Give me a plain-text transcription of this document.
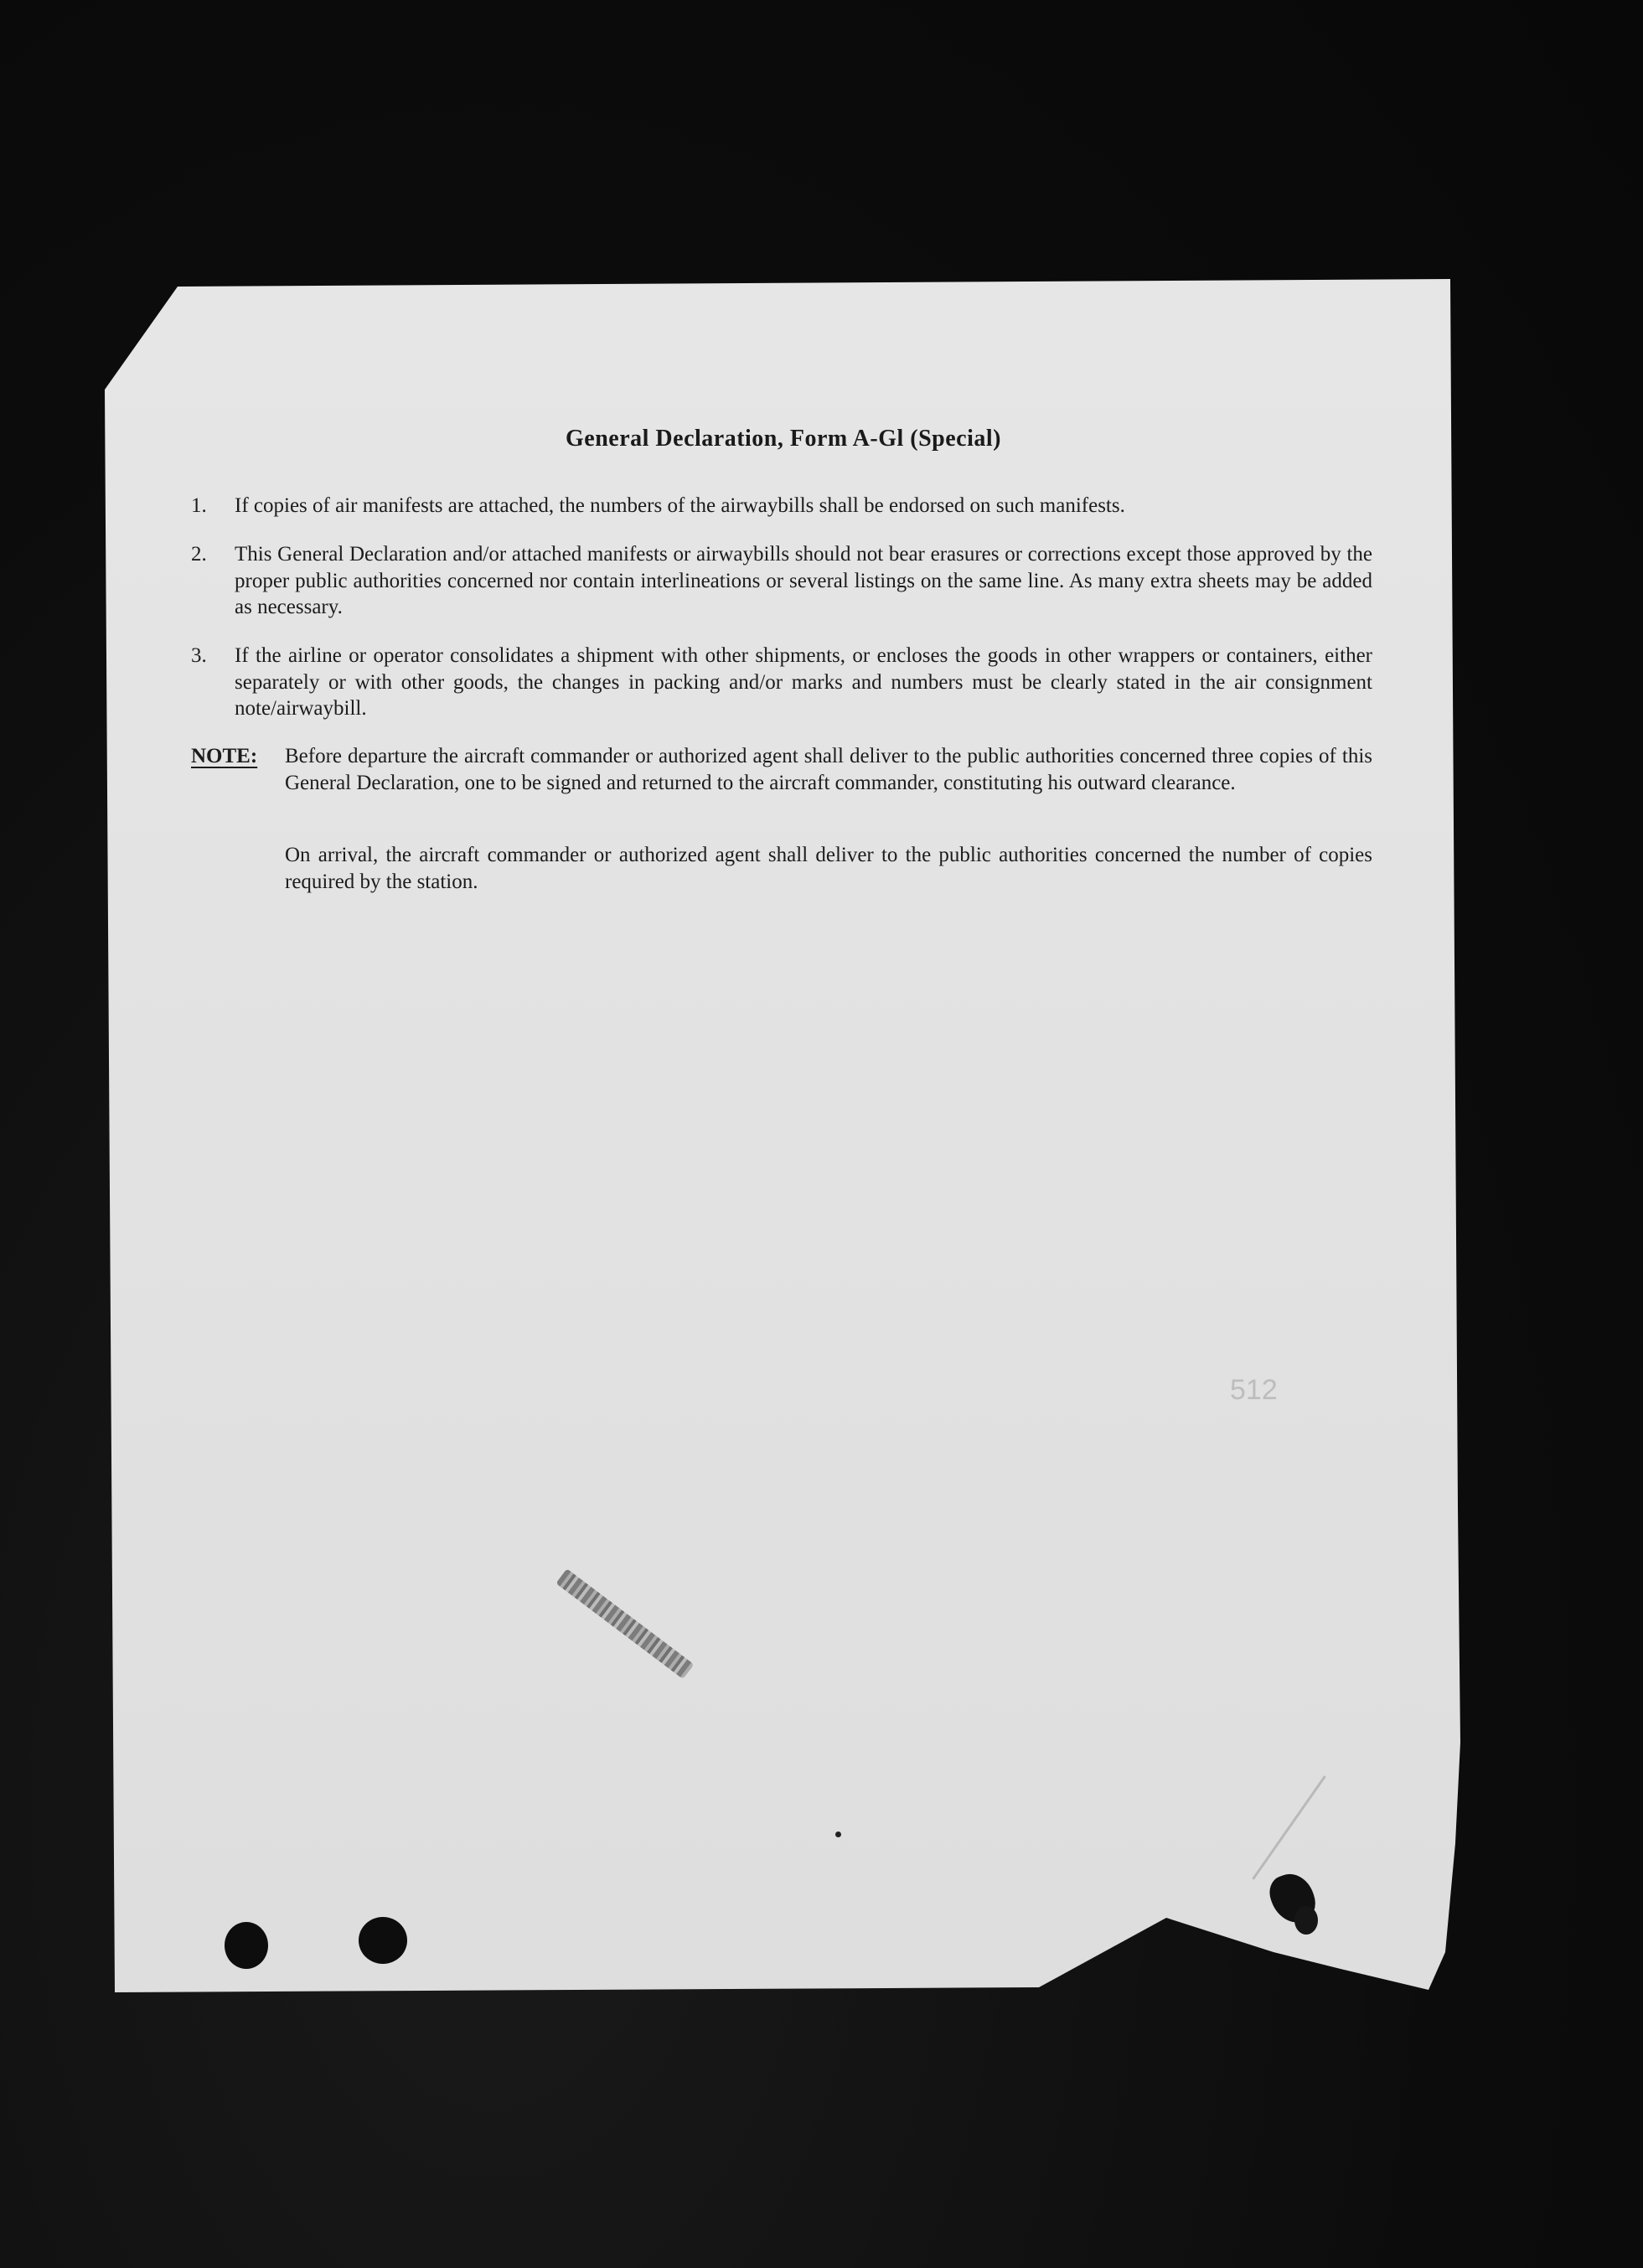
General Declaration, Form A-Gl (Special)
1.	If copies of air manifests are attached, the numbers of the airwaybills shall be endorsed on such manifests.
2.	This General Declaration and/or attached manifests or airwaybills should not bear erasures or corrections except those approved by the proper public authorities concerned nor contain interlineations or several listings on the same line. As many extra sheets may be added as necessary.
3.	If the airline or operator consolidates a shipment with other shipments, or encloses the goods in other wrappers or containers, either separately or with other goods, the changes in packing and/or marks and numbers must be clearly stated in the air consignment note/airwaybill.
NOTE: Before departure the aircraft commander or authorized agent shall deliver to the public authorities concerned three copies of this General Declaration, one to be signed and returned to the aircraft commander, constituting his outward clearance.
On arrival, the aircraft commander or authorized agent shall deliver to the public authorities concerned the number of copies required by the station.
512
